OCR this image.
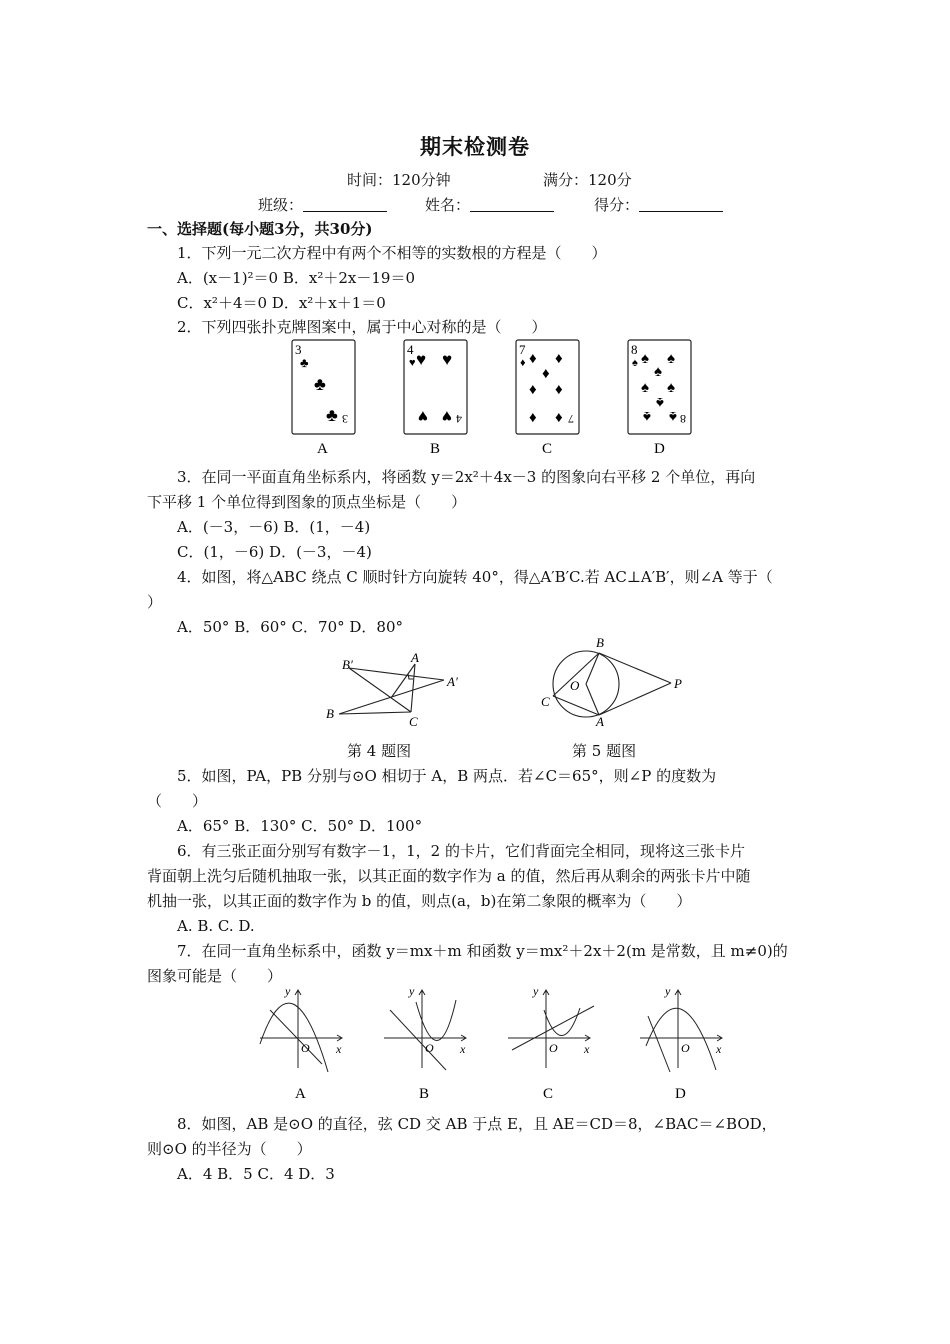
期末检测卷
时间：120分钟	满分：120分
班级：	姓名：	得分：
一、选择题(每小题3分，共30分)
1．下列一元二次方程中有两个不相等的实数根的方程是（　　）
A．(x－1)²＝0 B．x²＋2x－19＝0
C．x²＋4＝0 D．x²＋x＋1＝0
2．下列四张扑克牌图案中，属于中心对称的是（　　）
3
♣
♣
♣ 3
A
4
♥ ♥ ♥
♥ ♥ 4
B
7
♦ ♦ ♦
♦
♦ ♦
♦ ♦ 7
C
8
♠ ♠ ♠
♠
♠ ♠
♠
♠ ♠ 8
D
3．在同一平面直角坐标系内，将函数 y＝2x²＋4x－3 的图象向右平移 2 个单位，再向
下平移 1 个单位得到图象的顶点坐标是（　　）
A．(－3，－6) B．(1，－4)
C．(1，－6) D．(－3，－4)
4．如图，将△ABC 绕点 C 顺时针方向旋转 40°，得△A′B′C.若 AC⊥A′B′，则∠A 等于（
）
A．50° B．60° C．70° D．80°
B′	A
A′
B
C
第 4 题图
B
O
C
A
P
第 5 题图
5．如图，PA，PB 分别与⊙O 相切于 A，B 两点．若∠C＝65°，则∠P 的度数为
（　　）
A．65° B．130° C．50° D．100°
6．有三张正面分别写有数字－1，1，2 的卡片，它们背面完全相同，现将这三张卡片
背面朝上洗匀后随机抽取一张，以其正面的数字作为 a 的值，然后再从剩余的两张卡片中随
机抽一张，以其正面的数字作为 b 的值，则点(a，b)在第二象限的概率为（　　）
A. B. C. D.
7．在同一直角坐标系中，函数 y＝mx＋m 和函数 y＝mx²＋2x＋2(m 是常数，且 m≠0)的
图象可能是（　　）
y
x
O
A
y
x
O
B
y
x
O
C
y
x
O
D
8．如图，AB 是⊙O 的直径，弦 CD 交 AB 于点 E，且 AE＝CD＝8，∠BAC＝∠BOD，
则⊙O 的半径为（　　）
A．4 B．5 C．4 D．3
